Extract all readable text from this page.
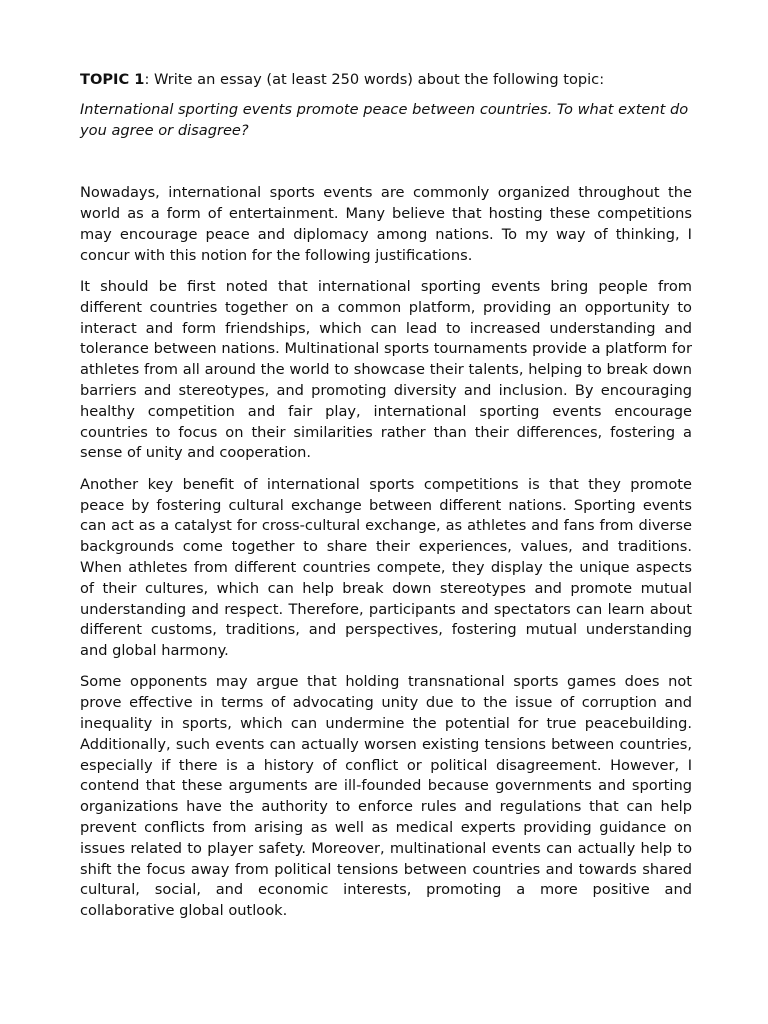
TOPIC 1: Write an essay (at least 250 words) about the following topic:

International sporting events promote peace between countries. To what extent do you agree or disagree?

Nowadays, international sports events are commonly organized throughout the world as a form of entertainment. Many believe that hosting these competitions may encourage peace and diplomacy among nations. To my way of thinking, I concur with this notion for the following justifications.

It should be first noted that international sporting events bring people from different countries together on a common platform, providing an opportunity to interact and form friendships, which can lead to increased understanding and tolerance between nations. Multinational sports tournaments provide a platform for athletes from all around the world to showcase their talents, helping to break down barriers and stereotypes, and promoting diversity and inclusion. By encouraging healthy competition and fair play, international sporting events encourage countries to focus on their similarities rather than their differences, fostering a sense of unity and cooperation.

Another key benefit of international sports competitions is that they promote peace by fostering cultural exchange between different nations. Sporting events can act as a catalyst for cross-cultural exchange, as athletes and fans from diverse backgrounds come together to share their experiences, values, and traditions. When athletes from different countries compete, they display the unique aspects of their cultures, which can help break down stereotypes and promote mutual understanding and respect. Therefore, participants and spectators can learn about different customs, traditions, and perspectives, fostering mutual understanding and global harmony.

Some opponents may argue that holding transnational sports games does not prove effective in terms of advocating unity due to the issue of corruption and inequality in sports, which can undermine the potential for true peacebuilding. Additionally, such events can actually worsen existing tensions between countries, especially if there is a history of conflict or political disagreement. However, I contend that these arguments are ill-founded because governments and sporting organizations have the authority to enforce rules and regulations that can help prevent conflicts from arising as well as medical experts providing guidance on issues related to player safety. Moreover, multinational events can actually help to shift the focus away from political tensions between countries and towards shared cultural, social, and economic interests, promoting a more positive and collaborative global outlook.
